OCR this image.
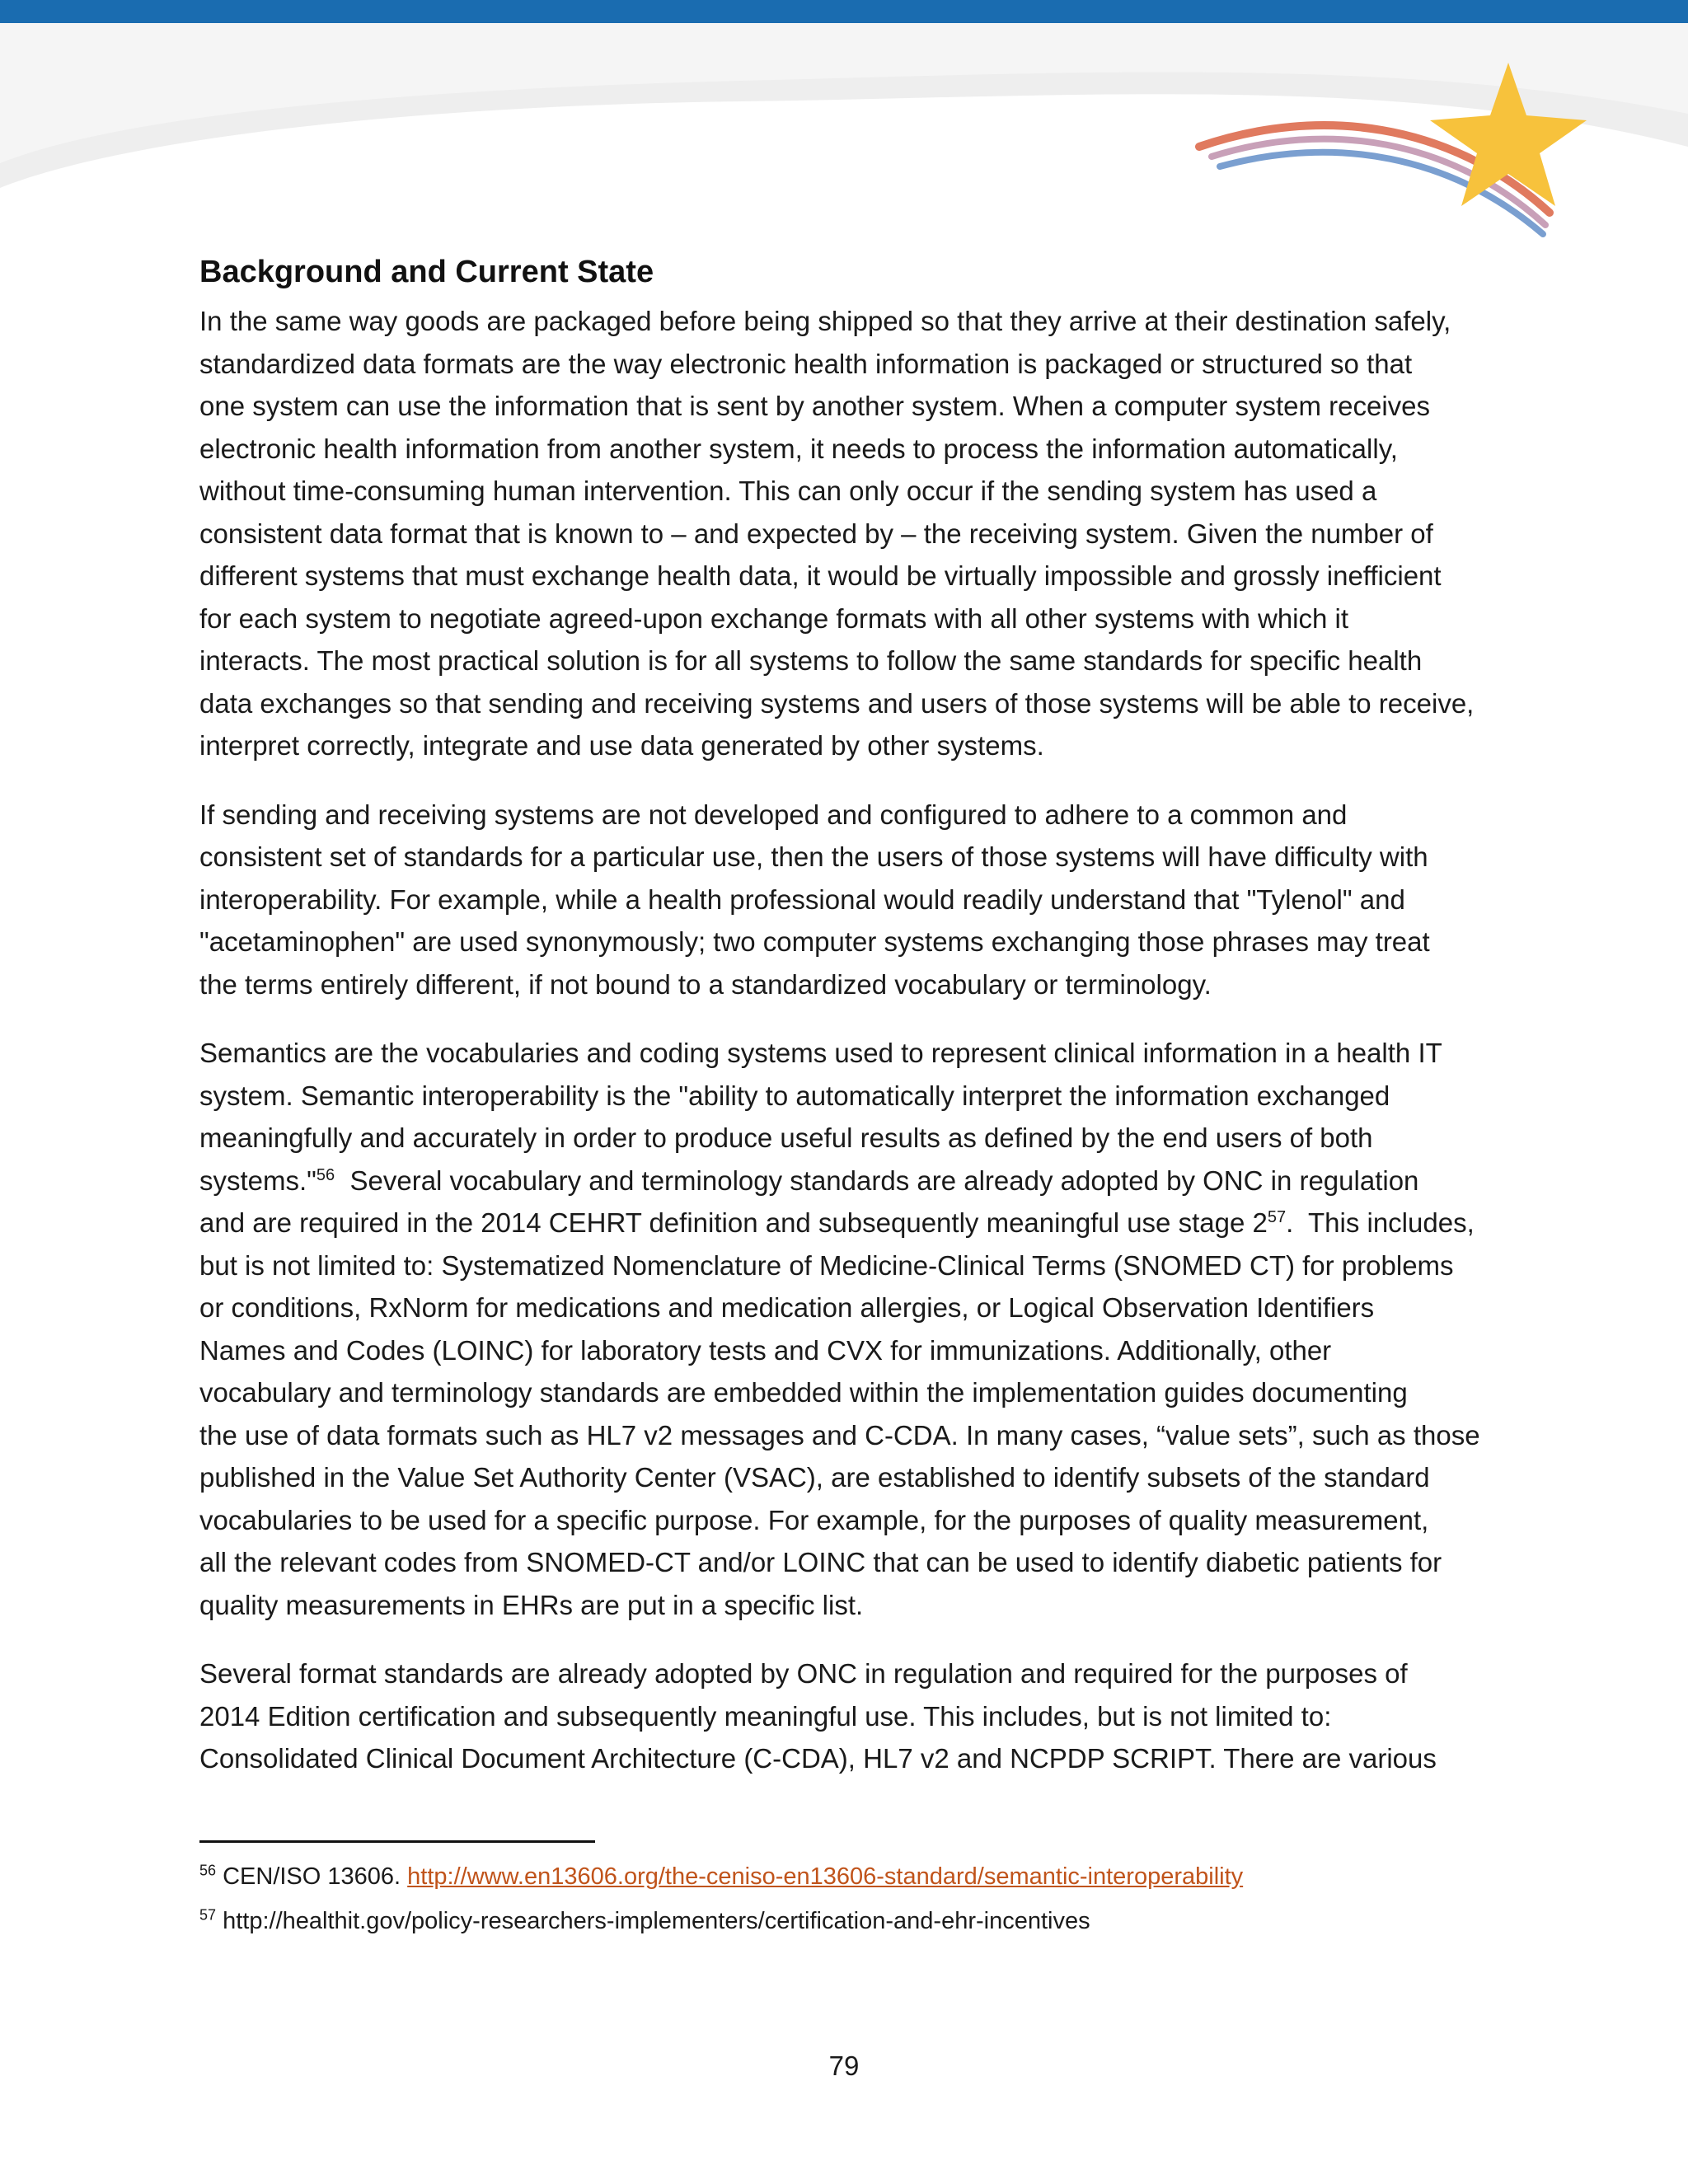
Background and Current State
In the same way goods are packaged before being shipped so that they arrive at their destination safely,
standardized data formats are the way electronic health information is packaged or structured so that
one system can use the information that is sent by another system. When a computer system receives
electronic health information from another system, it needs to process the information automatically,
without time-consuming human intervention. This can only occur if the sending system has used a
consistent data format that is known to – and expected by – the receiving system. Given the number of
different systems that must exchange health data, it would be virtually impossible and grossly inefficient
for each system to negotiate agreed-upon exchange formats with all other systems with which it
interacts. The most practical solution is for all systems to follow the same standards for specific health
data exchanges so that sending and receiving systems and users of those systems will be able to receive,
interpret correctly, integrate and use data generated by other systems.
If sending and receiving systems are not developed and configured to adhere to a common and
consistent set of standards for a particular use, then the users of those systems will have difficulty with
interoperability. For example, while a health professional would readily understand that "Tylenol" and
"acetaminophen" are used synonymously; two computer systems exchanging those phrases may treat
the terms entirely different, if not bound to a standardized vocabulary or terminology.
Semantics are the vocabularies and coding systems used to represent clinical information in a health IT
system. Semantic interoperability is the "ability to automatically interpret the information exchanged
meaningfully and accurately in order to produce useful results as defined by the end users of both
systems."$^{56}$  Several vocabulary and terminology standards are already adopted by ONC in regulation
and are required in the 2014 CEHRT definition and subsequently meaningful use stage $2^{57}$.  This includes,
but is not limited to: Systematized Nomenclature of Medicine-Clinical Terms (SNOMED CT) for problems
or conditions, RxNorm for medications and medication allergies, or Logical Observation Identifiers
Names and Codes (LOINC) for laboratory tests and CVX for immunizations. Additionally, other
vocabulary and terminology standards are embedded within the implementation guides documenting
the use of data formats such as HL7 v2 messages and C-CDA. In many cases, “value sets”, such as those
published in the Value Set Authority Center (VSAC), are established to identify subsets of the standard
vocabularies to be used for a specific purpose. For example, for the purposes of quality measurement,
all the relevant codes from SNOMED-CT and/or LOINC that can be used to identify diabetic patients for
quality measurements in EHRs are put in a specific list.
Several format standards are already adopted by ONC in regulation and required for the purposes of
2014 Edition certification and subsequently meaningful use. This includes, but is not limited to:
Consolidated Clinical Document Architecture (C-CDA), HL7 v2 and NCPDP SCRIPT. There are various
$^{56}$ CEN/ISO 13606. http://www.en13606.org/the-ceniso-en13606-standard/semantic-interoperability
$^{57}$ http://healthit.gov/policy-researchers-implementers/certification-and-ehr-incentives
79
